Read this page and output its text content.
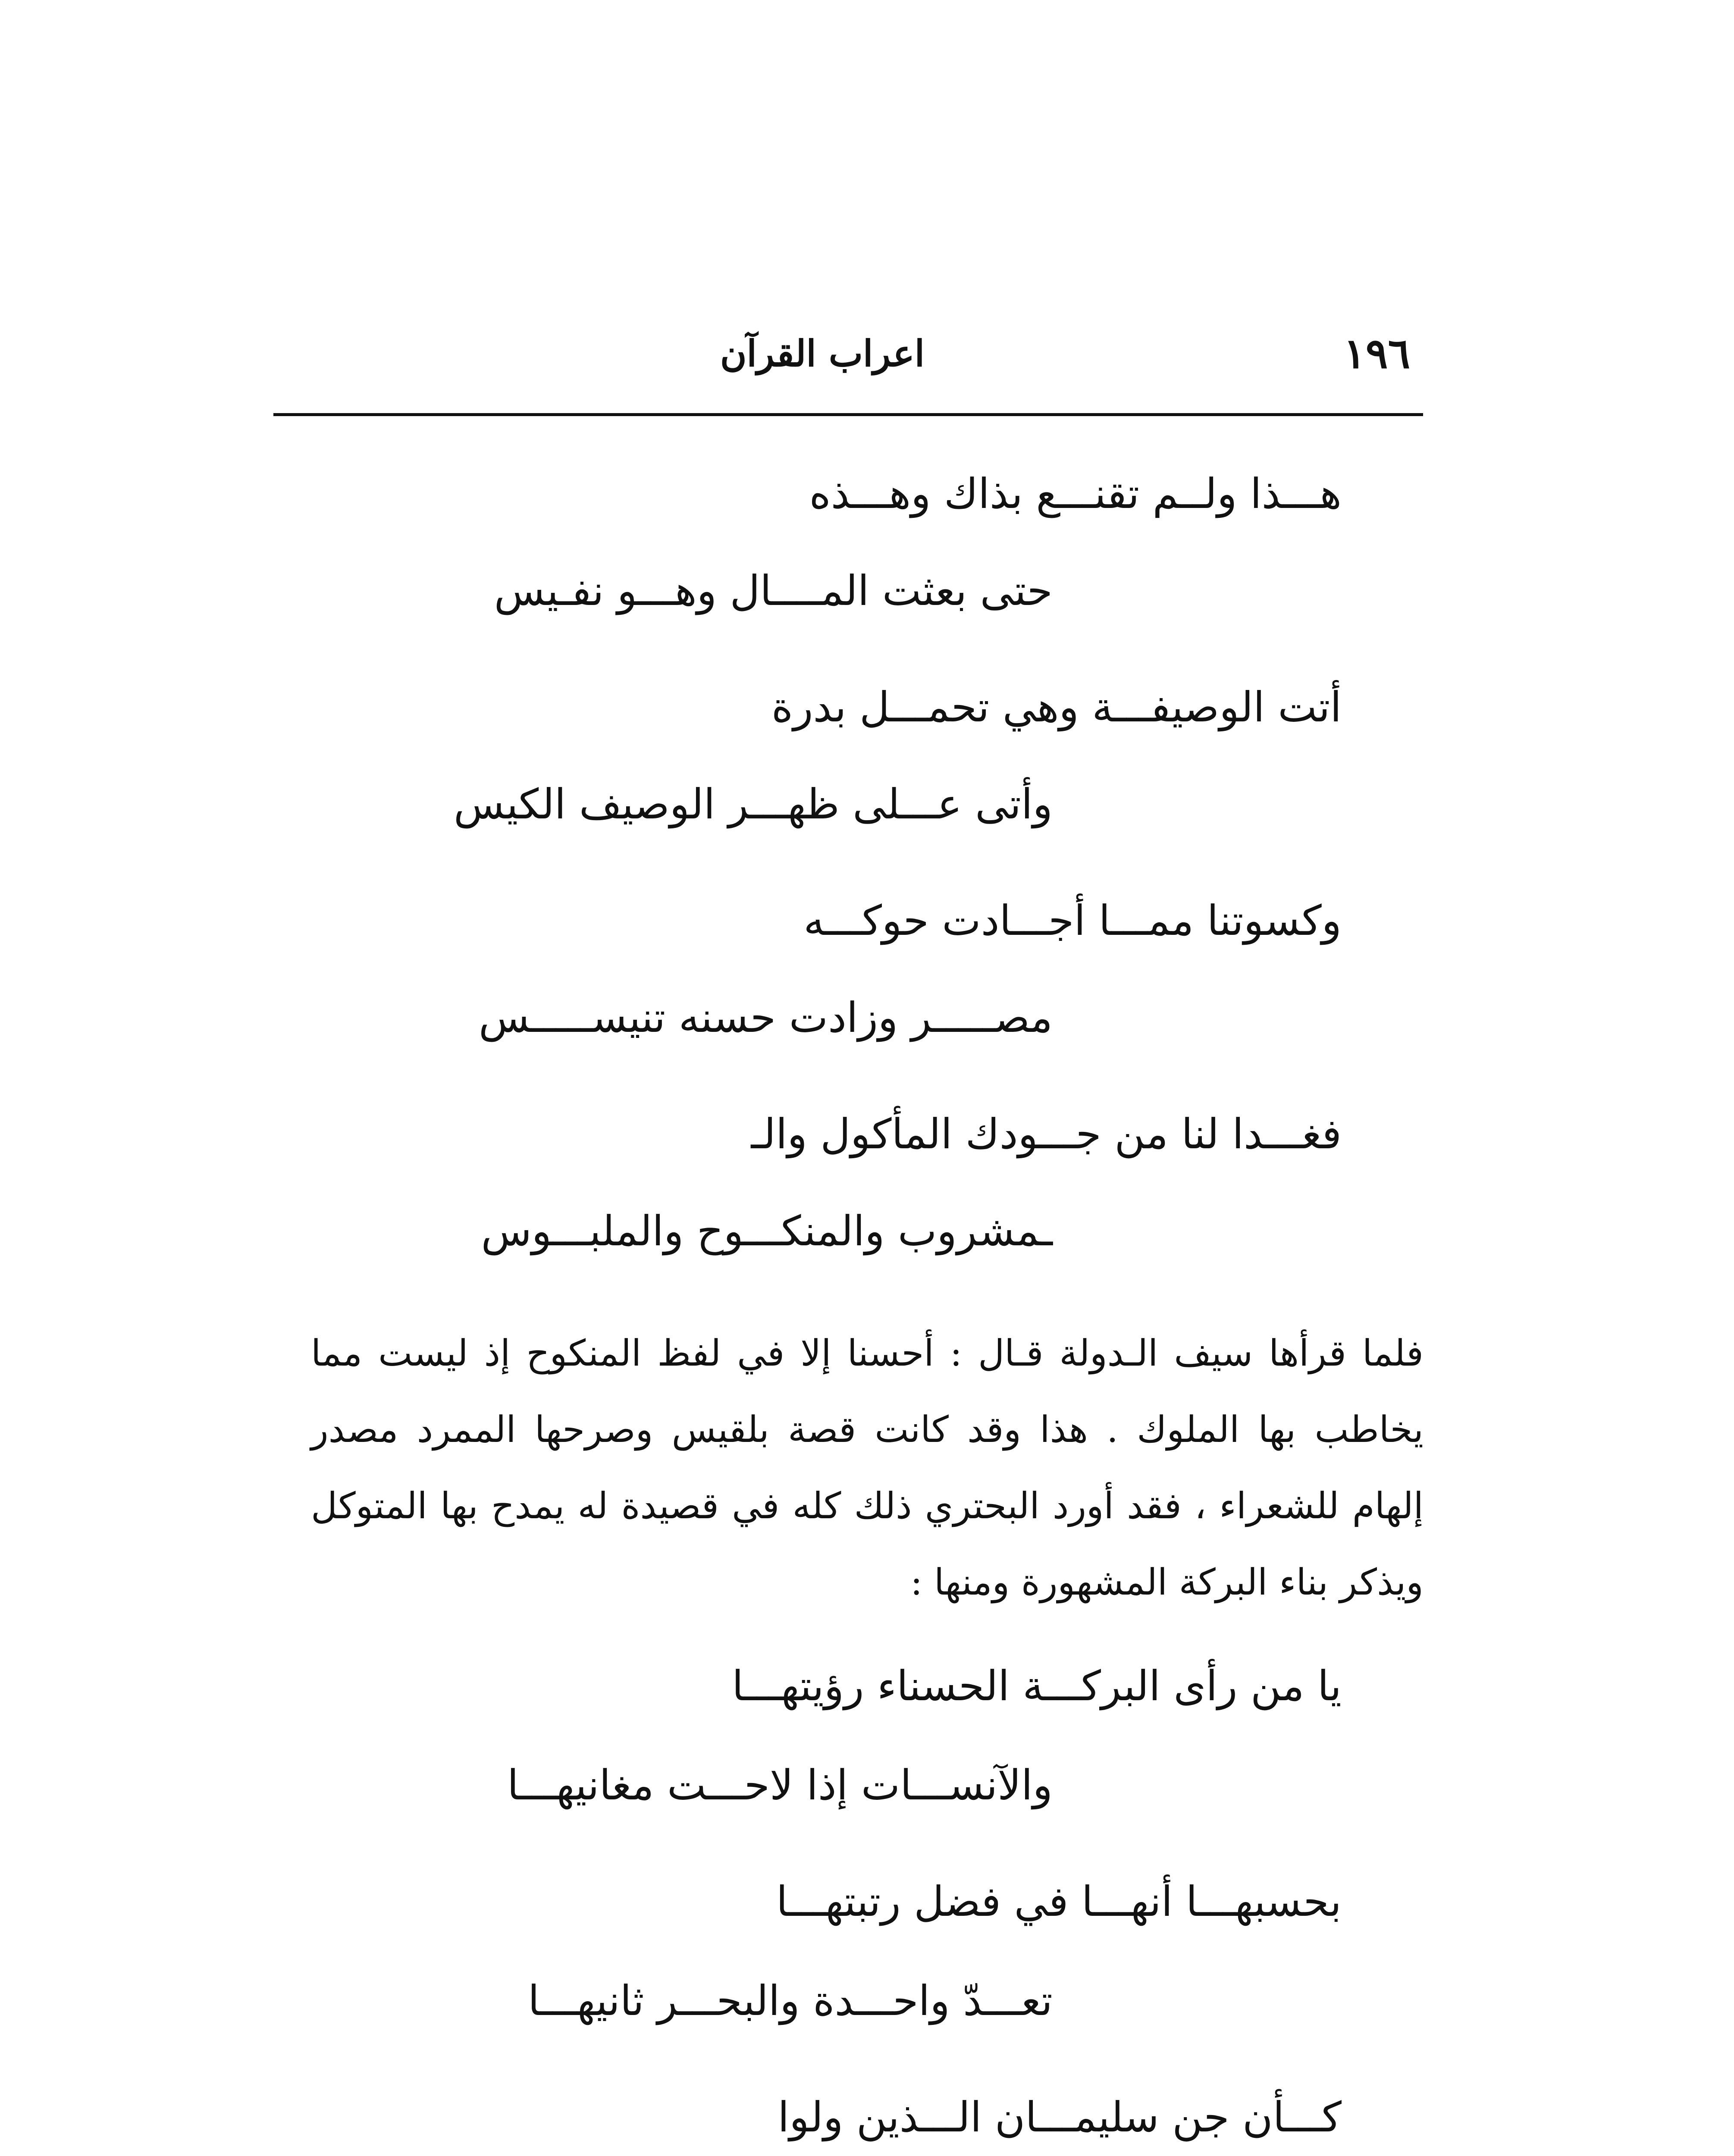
اعراب القرآن	١٩٦
هـــذا ولــم تقنـــع بذاك وهـــذه
حتى بعثت المــــال وهـــو نفـيس
أتت الوصيفـــة وهي تحمـــل بدرة
وأتى عـــلى ظهـــر الوصيف الكيس
وكسوتنا ممـــا أجـــادت حوكـــه
مصـــــر وزادت حسنه تنيســـــس
فغـــدا لنا من جـــودك المأكول والـ
ـمشروب والمنكـــوح والملبـــوس

فلما قرأها سيف الـدولة قـال : أحسنا إلا في لفظ المنكوح إذ ليست مما يخاطب بها الملوك . هذا وقد كانت قصة بلقيس وصرحها الممرد مصدر إلهام للشعراء ، فقد أورد البحتري ذلك كله في قصيدة له يمدح بها المتوكل ويذكر بناء البركة المشهورة ومنها :

يا من رأى البركـــة الحسناء رؤيتهـــا
والآنســـات إذا لاحـــت مغانيهـــا
بحسبهـــا أنهـــا في فضل رتبتهـــا
تعـــدّ واحـــدة والبحـــر ثانيهـــا
كـــأن جن سليمـــان الـــذين ولوا
